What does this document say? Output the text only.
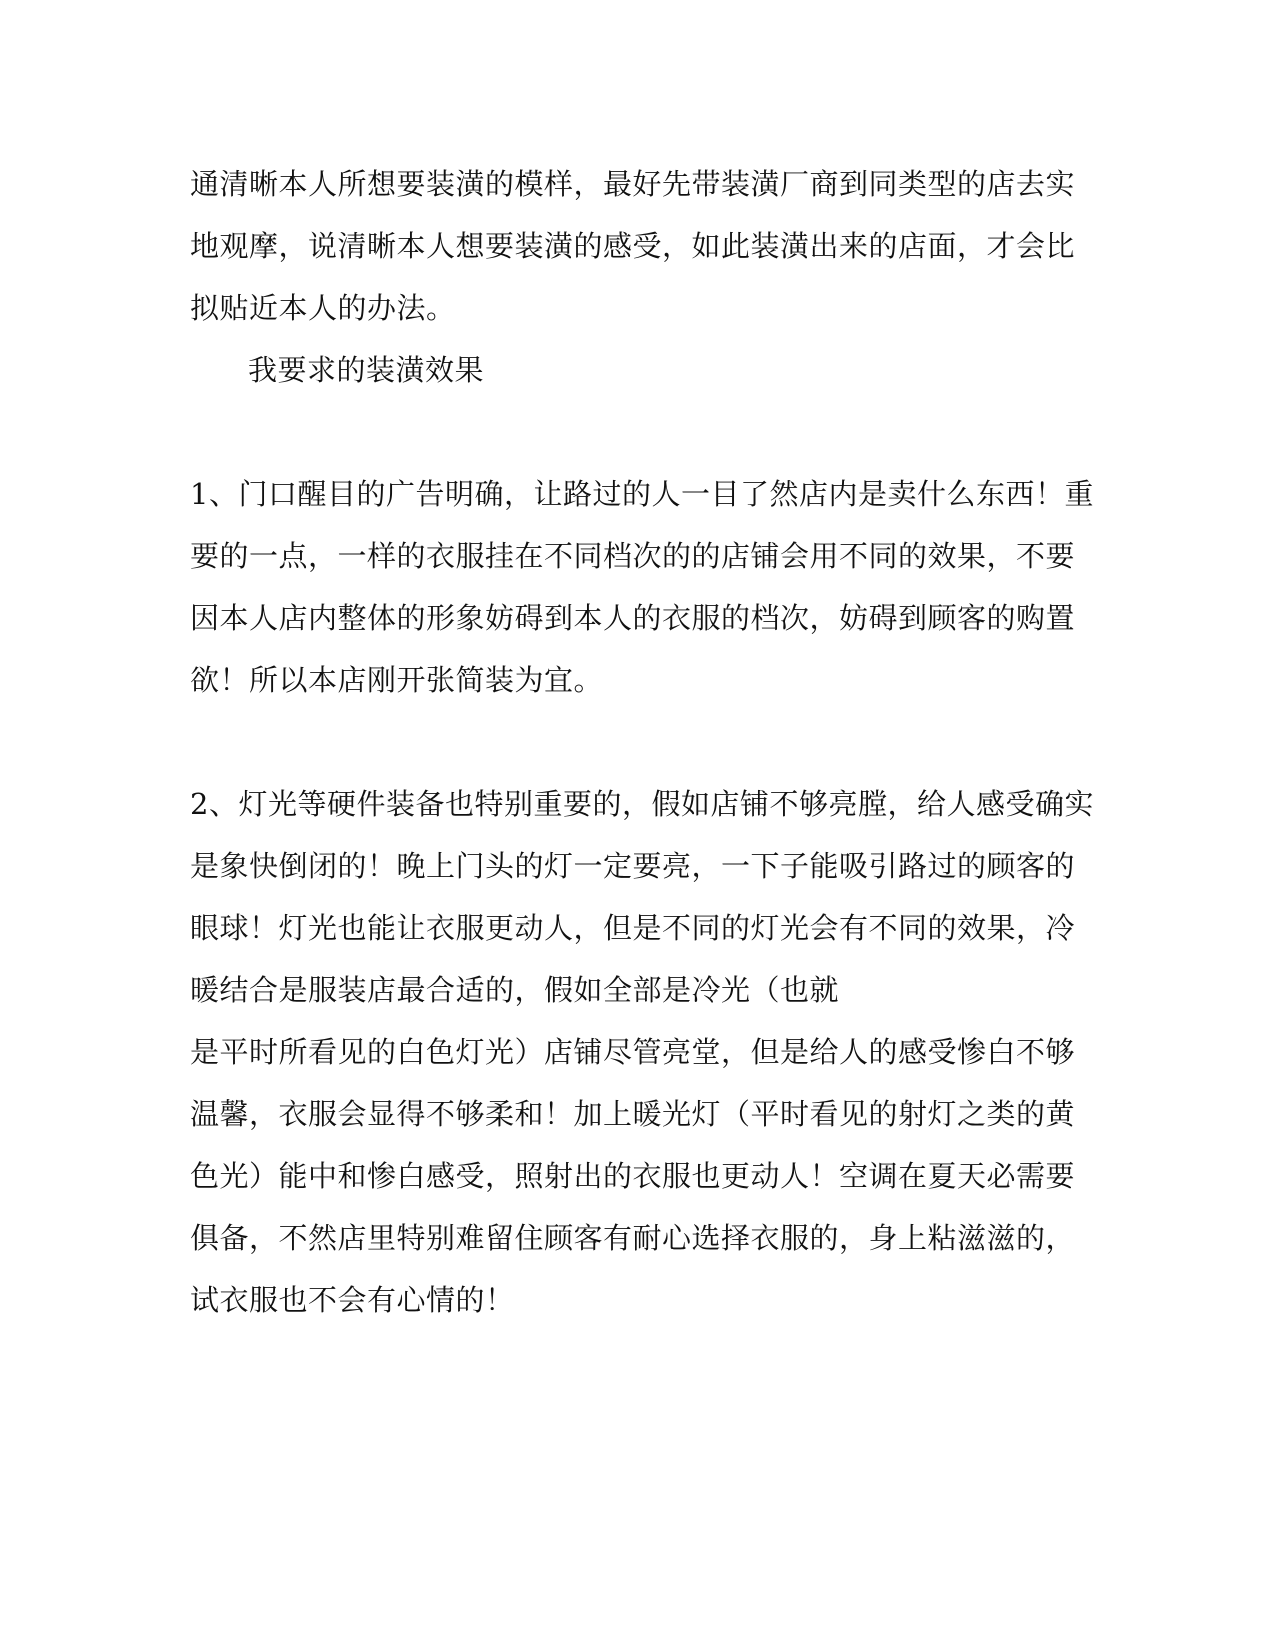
通清晰本人所想要装潢的模样，最好先带装潢厂商到同类型的店去实
地观摩，说清晰本人想要装潢的感受，如此装潢出来的店面，才会比
拟贴近本人的办法。
我要求的装潢效果
1、门口醒目的广告明确，让路过的人一目了然店内是卖什么东西！重
要的一点，一样的衣服挂在不同档次的的店铺会用不同的效果，不要
因本人店内整体的形象妨碍到本人的衣服的档次，妨碍到顾客的购置
欲！所以本店刚开张简装为宜。
2、灯光等硬件装备也特别重要的，假如店铺不够亮膛，给人感受确实
是象快倒闭的！晚上门头的灯一定要亮，一下子能吸引路过的顾客的
眼球！灯光也能让衣服更动人，但是不同的灯光会有不同的效果，冷
暖结合是服装店最合适的，假如全部是冷光（也就
是平时所看见的白色灯光）店铺尽管亮堂，但是给人的感受惨白不够
温馨，衣服会显得不够柔和！加上暖光灯（平时看见的射灯之类的黄
色光）能中和惨白感受，照射出的衣服也更动人！空调在夏天必需要
俱备，不然店里特别难留住顾客有耐心选择衣服的，身上粘滋滋的，
试衣服也不会有心情的！
